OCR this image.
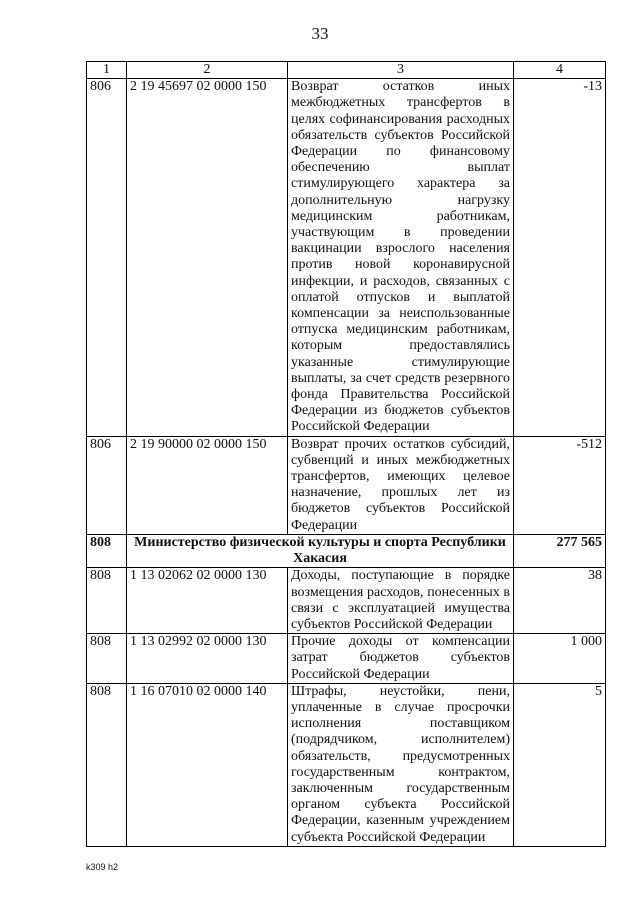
33
1	2	3	4
806	2 19 45697 02 0000 150	Возврат остатков иных межбюджетных трансфертов в целях софинансирования расходных обязательств субъектов Российской Федерации по финансовому обеспечению выплат стимулирующего характера за дополнительную нагрузку медицинским работникам, участвующим в проведении вакцинации взрослого населения против новой коронавирусной инфекции, и расходов, связанных с оплатой отпусков и выплатой компенсации за неиспользованные отпуска медицинским работникам, которым предоставлялись указанные стимулирующие выплаты, за счет средств резервного фонда Правительства Российской Федерации из бюджетов субъектов Российской Федерации	-13
806	2 19 90000 02 0000 150	Возврат прочих остатков субсидий, субвенций и иных межбюджетных трансфертов, имеющих целевое назначение, прошлых лет из бюджетов субъектов Российской Федерации	-512
808	Министерство физической культуры и спорта Республики Хакасия		277 565
808	1 13 02062 02 0000 130	Доходы, поступающие в порядке возмещения расходов, понесенных в связи с эксплуатацией имущества субъектов Российской Федерации	38
808	1 13 02992 02 0000 130	Прочие доходы от компенсации затрат бюджетов субъектов Российской Федерации	1 000
808	1 16 07010 02 0000 140	Штрафы, неустойки, пени, уплаченные в случае просрочки исполнения поставщиком (подрядчиком, исполнителем) обязательств, предусмотренных государственным контрактом, заключенным государственным органом субъекта Российской Федерации, казенным учреждением субъекта Российской Федерации	5
k309 h2
